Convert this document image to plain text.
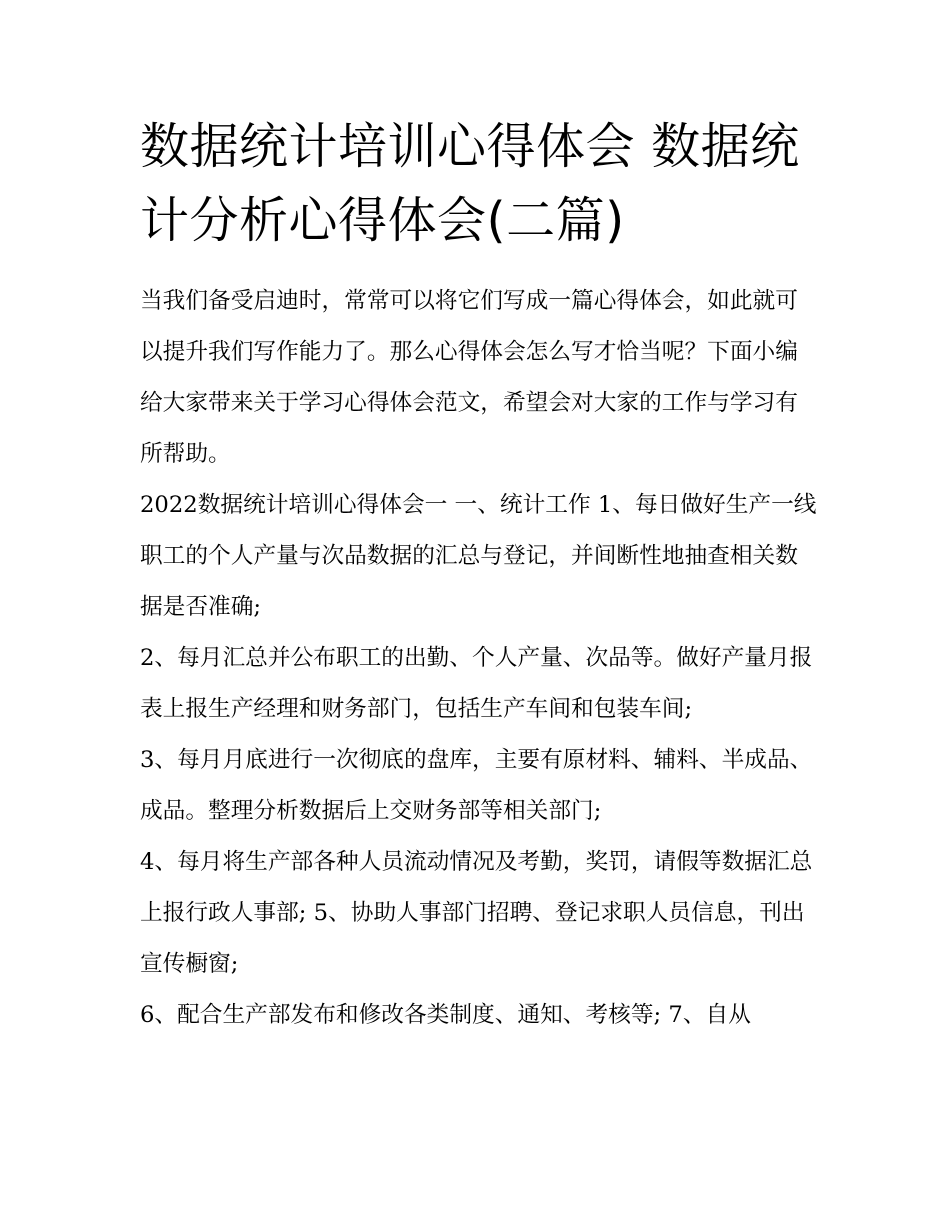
数据统计培训心得体会 数据统计分析心得体会(二篇)

当我们备受启迪时，常常可以将它们写成一篇心得体会，如此就可以提升我们写作能力了。那么心得体会怎么写才恰当呢？下面小编给大家带来关于学习心得体会范文，希望会对大家的工作与学习有所帮助。

2022数据统计培训心得体会一 一、统计工作 1、每日做好生产一线职工的个人产量与次品数据的汇总与登记，并间断性地抽查相关数据是否准确;

2、每月汇总并公布职工的出勤、个人产量、次品等。做好产量月报表上报生产经理和财务部门，包括生产车间和包装车间;

3、每月月底进行一次彻底的盘库，主要有原材料、辅料、半成品、成品。整理分析数据后上交财务部等相关部门;

4、每月将生产部各种人员流动情况及考勤，奖罚，请假等数据汇总上报行政人事部; 5、协助人事部门招聘、登记求职人员信息，刊出宣传橱窗;

6、配合生产部发布和修改各类制度、通知、考核等; 7、自从
